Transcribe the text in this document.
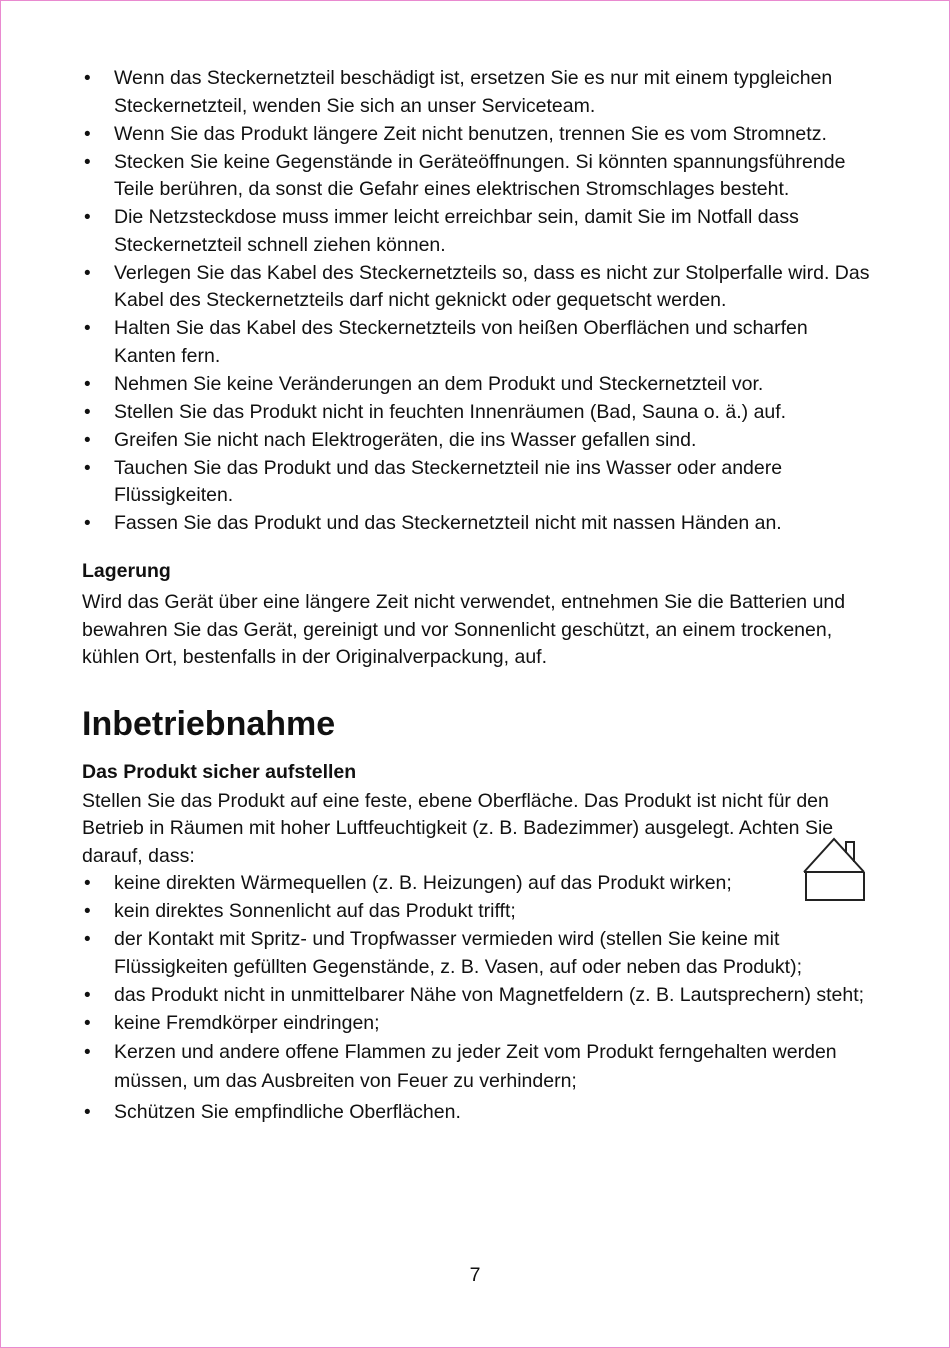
• Wenn das Steckernetzteil beschädigt ist, ersetzen Sie es nur mit einem typgleichen Steckernetzteil, wenden Sie sich an unser Serviceteam.
• Wenn Sie das Produkt längere Zeit nicht benutzen, trennen Sie es vom Stromnetz.
• Stecken Sie keine Gegenstände in Geräteöffnungen. Si könnten spannungsführende Teile berühren, da sonst die Gefahr eines elektrischen Stromschlages besteht.
• Die Netzsteckdose muss immer leicht erreichbar sein, damit Sie im Notfall dass Steckernetzteil schnell ziehen können.
• Verlegen Sie das Kabel des Steckernetzteils so, dass es nicht zur Stolperfalle wird. Das Kabel des Steckernetzteils darf nicht geknickt oder gequetscht werden.
• Halten Sie das Kabel des Steckernetzteils von heißen Oberflächen und scharfen Kanten fern.
• Nehmen Sie keine Veränderungen an dem Produkt und Steckernetzteil vor.
• Stellen Sie das Produkt nicht in feuchten Innenräumen (Bad, Sauna o. ä.) auf.
• Greifen Sie nicht nach Elektrogeräten, die ins Wasser gefallen sind.
• Tauchen Sie das Produkt und das Steckernetzteil nie ins Wasser oder andere Flüssigkeiten.
• Fassen Sie das Produkt und das Steckernetzteil nicht mit nassen Händen an.
Lagerung

Wird das Gerät über eine längere Zeit nicht verwendet, entnehmen Sie die Batterien und bewahren Sie das Gerät, gereinigt und vor Sonnenlicht geschützt, an einem trockenen, kühlen Ort, bestenfalls in der Originalverpackung, auf.

Inbetriebnahme
Das Produkt sicher aufstellen

Stellen Sie das Produkt auf eine feste, ebene Oberfläche. Das Produkt ist nicht für den Betrieb in Räumen mit hoher Luftfeuchtigkeit (z. B. Badezimmer) ausgelegt. Achten Sie darauf, dass:

• keine direkten Wärmequellen (z. B. Heizungen) auf das Produkt wirken;
• kein direktes Sonnenlicht auf das Produkt trifft;
• der Kontakt mit Spritz- und Tropfwasser vermieden wird (stellen Sie keine mit Flüssigkeiten gefüllten Gegenstände, z. B. Vasen, auf oder neben das Produkt);
• das Produkt nicht in unmittelbarer Nähe von Magnetfeldern (z. B. Lautsprechern) steht;
• keine Fremdkörper eindringen;
• Kerzen und andere offene Flammen zu jeder Zeit vom Produkt ferngehalten werden müssen, um das Ausbreiten von Feuer zu verhindern;
• Schützen Sie empfindliche Oberflächen.
7
